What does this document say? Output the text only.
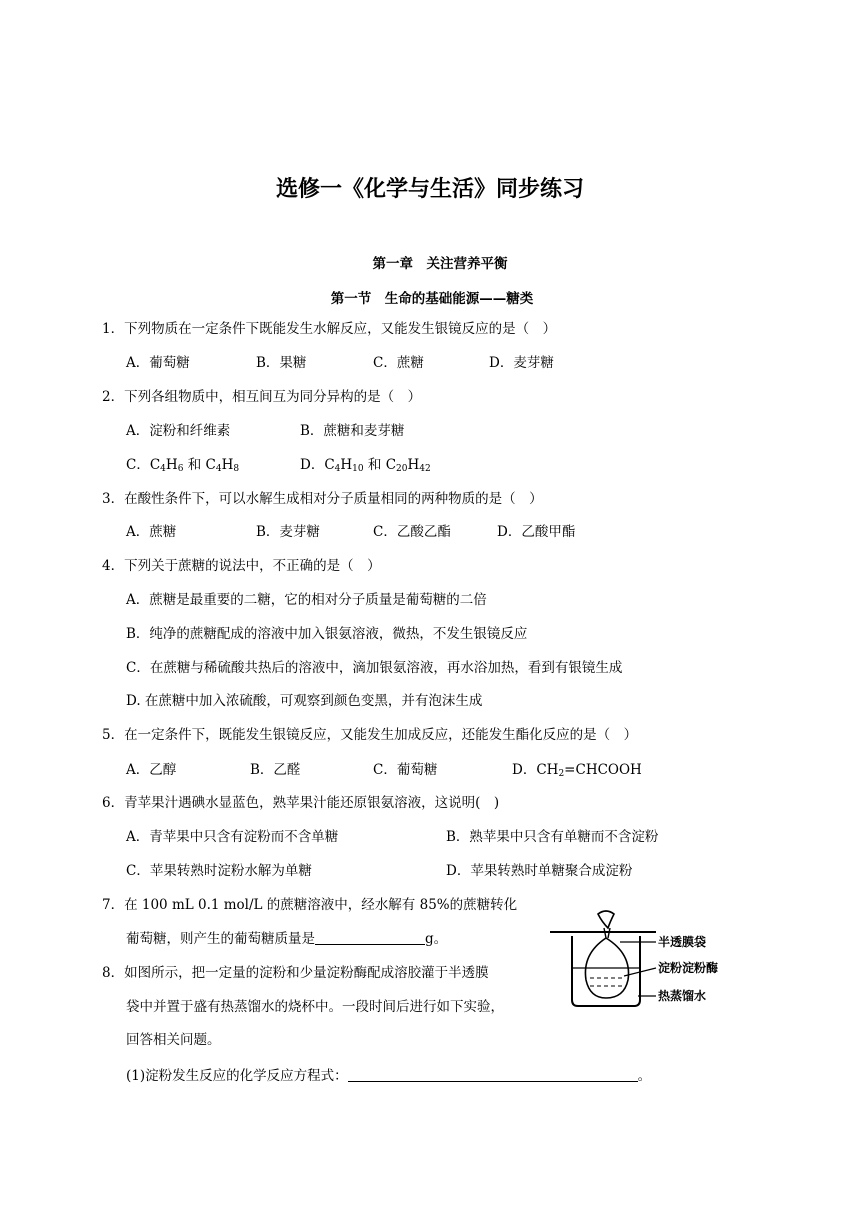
选修一《化学与生活》同步练习
第一章　关注营养平衡
第一节　生命的基础能源——糖类
1．下列物质在一定条件下既能发生水解反应，又能发生银镜反应的是（　）
A．葡萄糖	B．果糖	C．蔗糖	D．麦芽糖
2．下列各组物质中，相互间互为同分异构的是（　）
A．淀粉和纤维素	B．蔗糖和麦芽糖
C．$C_4H_6$ 和 $C_4H_8$	D．$C_4H_{10}$ 和 $C_{20}H_{42}$
3．在酸性条件下，可以水解生成相对分子质量相同的两种物质的是（　）
A．蔗糖	B．麦芽糖	C．乙酸乙酯	D．乙酸甲酯
4．下列关于蔗糖的说法中，不正确的是（　）
A．蔗糖是最重要的二糖，它的相对分子质量是葡萄糖的二倍
B．纯净的蔗糖配成的溶液中加入银氨溶液，微热，不发生银镜反应
C．在蔗糖与稀硫酸共热后的溶液中，滴加银氨溶液，再水浴加热，看到有银镜生成
D. 在蔗糖中加入浓硫酸，可观察到颜色变黑，并有泡沫生成
5．在一定条件下，既能发生银镜反应，又能发生加成反应，还能发生酯化反应的是（　）
A．乙醇	B．乙醛	C．葡萄糖	D．$CH_2=CHCOOH$
6．青苹果汁遇碘水显蓝色，熟苹果汁能还原银氨溶液，这说明(　)
A．青苹果中只含有淀粉而不含单糖	B．熟苹果中只含有单糖而不含淀粉
C．苹果转熟时淀粉水解为单糖	D．苹果转熟时单糖聚合成淀粉
7．在 100 mL 0.1 mol/L 的蔗糖溶液中，经水解有 85%的蔗糖转化
葡萄糖，则产生的葡萄糖质量是	g。
8．如图所示，把一定量的淀粉和少量淀粉酶配成溶胶灌于半透膜
袋中并置于盛有热蒸馏水的烧杯中。一段时间后进行如下实验，
回答相关问题。
(1)淀粉发生反应的化学反应方程式：	。
半透膜袋
淀粉淀粉酶
热蒸馏水
